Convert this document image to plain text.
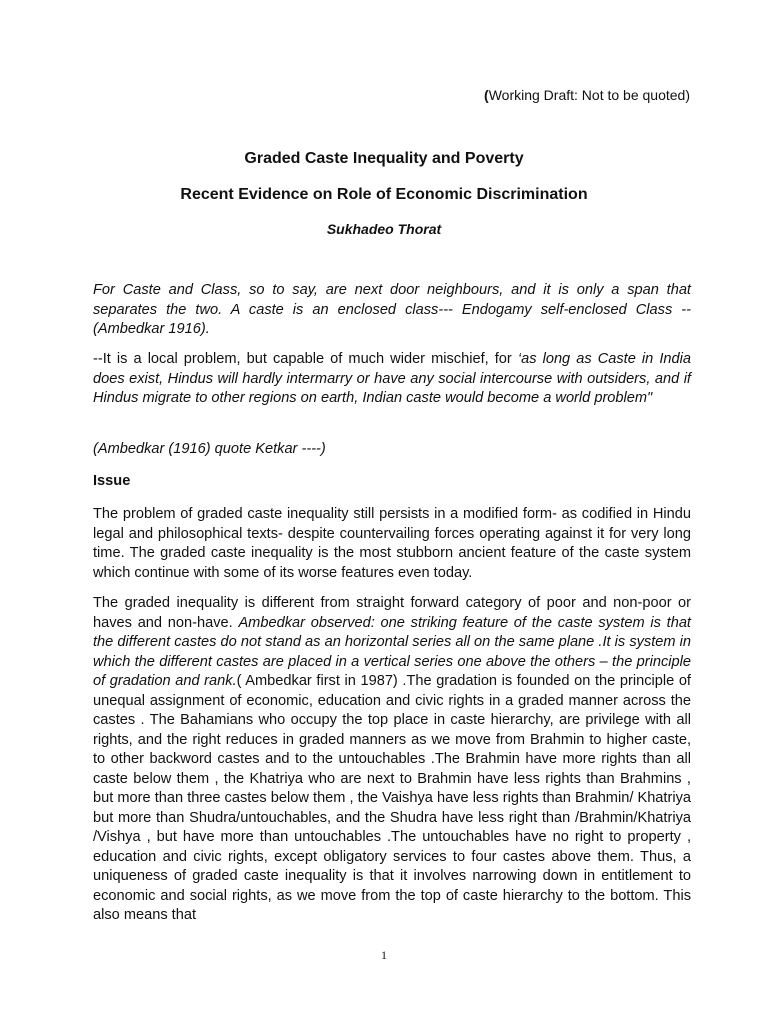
(Working Draft: Not to be quoted)
Graded Caste Inequality and Poverty
Recent Evidence on Role of Economic Discrimination
Sukhadeo Thorat
For Caste and Class, so to say, are next door neighbours, and it is only a span that separates the two. A caste is an enclosed class--- Endogamy self-enclosed Class -- (Ambedkar 1916).
--It is a local problem, but capable of much wider mischief, for ‘as long as Caste in India does exist, Hindus will hardly intermarry or have any social intercourse with outsiders, and if Hindus migrate to other regions on earth, Indian caste would become a world problem"
(Ambedkar (1916) quote Ketkar ----)
Issue
The problem of graded caste inequality still persists in a modified form- as codified in Hindu legal and philosophical texts- despite countervailing forces operating against it for very long time. The graded caste inequality is the most stubborn ancient feature of the caste system which continue with some of its worse features even today.
The graded inequality is different from straight forward category of poor and non-poor or haves and non-have. Ambedkar observed: one striking feature of the caste system is that the different castes do not stand as an horizontal series all on the same plane .It is system in which the different castes are placed in a vertical series one above the others – the principle of gradation and rank.( Ambedkar first in 1987) .The gradation is founded on the principle of unequal assignment of economic, education and civic rights in a graded manner across the castes . The Bahamians who occupy the top place in caste hierarchy, are privilege with all rights, and the right reduces in graded manners as we move from Brahmin to higher caste, to other backword castes and to the untouchables .The Brahmin have more rights than all caste below them , the Khatriya who are next to Brahmin have less rights than Brahmins , but more than three castes below them , the Vaishya have less rights than Brahmin/ Khatriya but more than Shudra/untouchables, and the Shudra have less right than /Brahmin/Khatriya /Vishya , but have more than untouchables .The untouchables have no right to property , education and civic rights, except obligatory services to four castes above them. Thus, a uniqueness of graded caste inequality is that it involves narrowing down in entitlement to economic and social rights, as we move from the top of caste hierarchy to the bottom. This also means that
1
